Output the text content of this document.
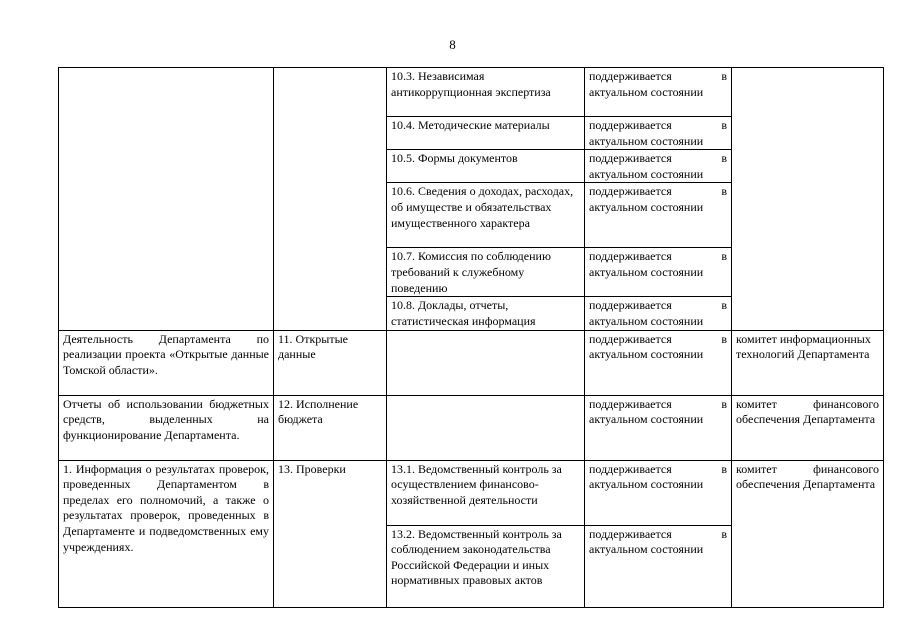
8
		10.3. Независимая антикоррупционная экспертиза	поддерживается в
актуальном состоянии	

		10.4. Методические материалы	поддерживается в
актуальном состоянии	

		10.5. Формы документов	поддерживается в
актуальном состоянии	

		10.6. Сведения о доходах, расходах, об имуществе и обязательствах имущественного характера	поддерживается в
актуальном состоянии	

		10.7. Комиссия по соблюдению требований к служебному поведению	поддерживается в
актуальном состоянии	

		10.8. Доклады, отчеты, статистическая информация	поддерживается в
актуальном состоянии	

Деятельность Департамента по реализации проекта «Открытые данные Томской области».	11. Открытые данные		поддерживается в
актуальном состоянии	комитет информационных технологий Департамента
Отчеты об использовании бюджетных средств, выделенных на функционирование Департамента.	12. Исполнение бюджета		поддерживается в
актуальном состоянии	комитет финансового обеспечения Департамента
1. Информация о результатах проверок, проведенных Департаментом в пределах его полномочий, а также о результатах проверок, проведенных в Департаменте и подведомственных ему учреждениях.	13. Проверки	13.1. Ведомственный контроль за осуществлением финансово-хозяйственной деятельности	поддерживается в
актуальном состоянии	комитет финансового обеспечения Департамента
		13.2. Ведомственный контроль за соблюдением законодательства Российской Федерации и иных нормативных правовых актов	поддерживается в
актуальном состоянии	
